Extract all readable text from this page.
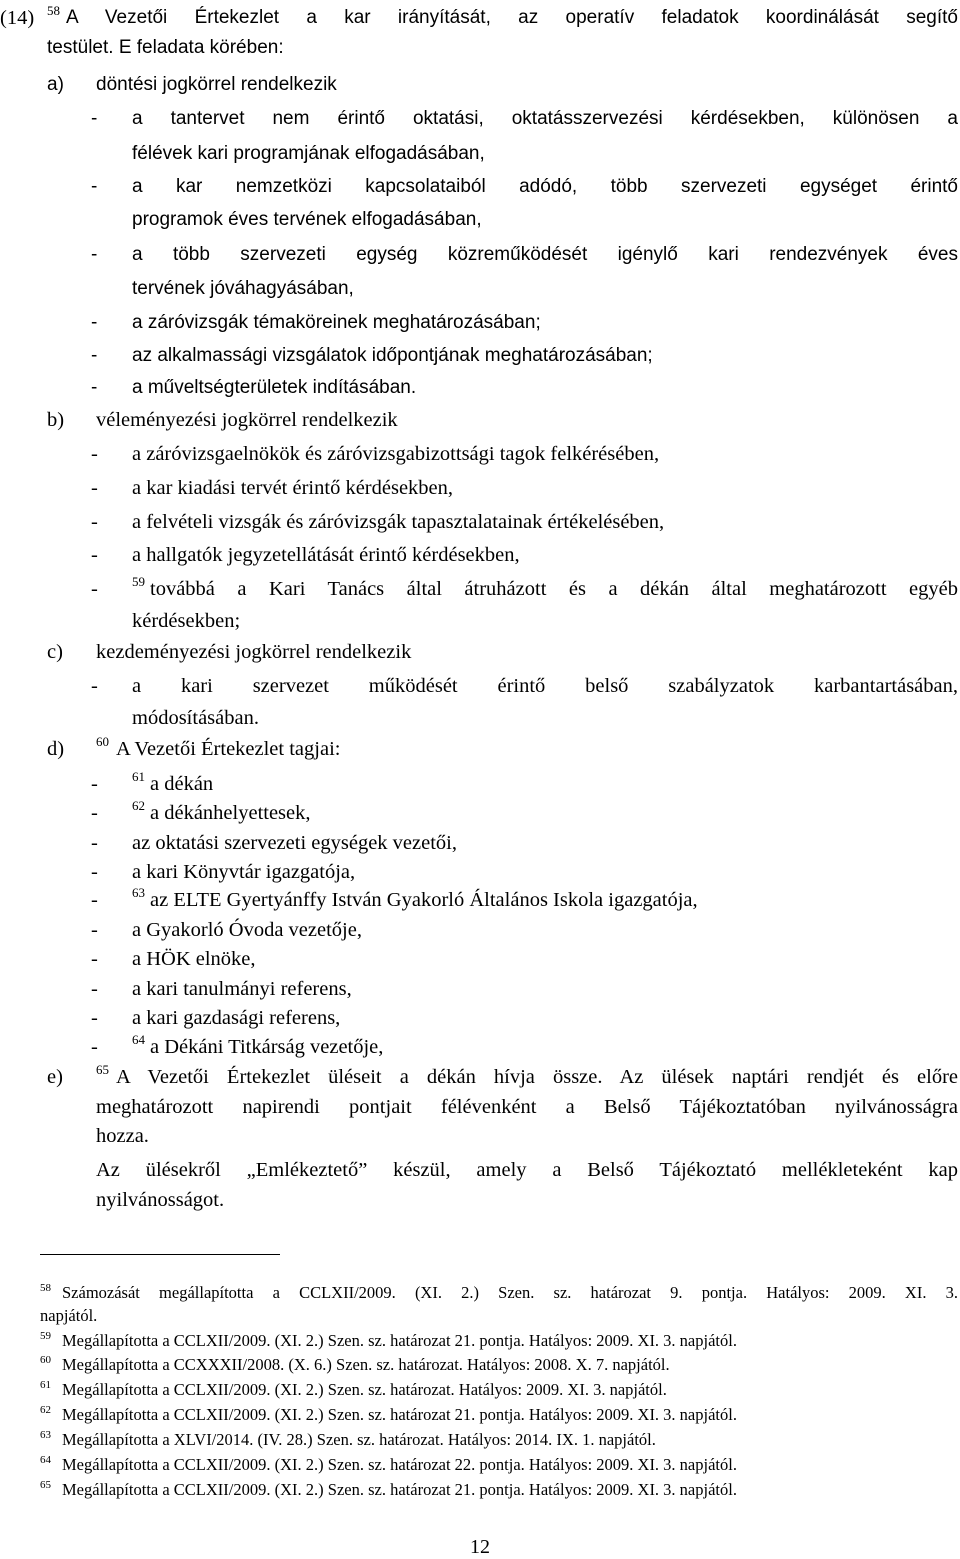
(14) $^{58}$ A Vezetői Értekezlet a kar irányítását, az operatív feladatok koordinálását segítő
testület. E feladata körében:
a) döntési jogkörrel rendelkezik
- a tantervet nem érintő oktatási, oktatásszervezési kérdésekben, különösen a
félévek kari programjának elfogadásában,
- a kar nemzetközi kapcsolataiból adódó, több szervezeti egységet érintő
programok éves tervének elfogadásában,
- a több szervezeti egység közreműködését igénylő kari rendezvények éves
tervének jóváhagyásában,
- a záróvizsgák témaköreinek meghatározásában;
- az alkalmassági vizsgálatok időpontjának meghatározásában;
- a műveltségterületek indításában.
b) véleményezési jogkörrel rendelkezik
- a záróvizsgaelnökök és záróvizsgabizottsági tagok felkérésében,
- a kar kiadási tervét érintő kérdésekben,
- a felvételi vizsgák és záróvizsgák tapasztalatainak értékelésében,
- a hallgatók jegyzetellátását érintő kérdésekben,
-	$^{59}$ továbbá a Kari Tanács által átruházott és a dékán által meghatározott egyéb
kérdésekben;
c) kezdeményezési jogkörrel rendelkezik
- a kari szervezet működését érintő belső szabályzatok karbantartásában,
módosításában.
d) $^{60}$ A Vezetői Értekezlet tagjai:
-	$^{61}$ a dékán
-	$^{62}$ a dékánhelyettesek,
- az oktatási szervezeti egységek vezetői,
- a kari Könyvtár igazgatója,
-	$^{63}$ az ELTE Gyertyánffy István Gyakorló Általános Iskola igazgatója,
- a Gyakorló Óvoda vezetője,
- a HÖK elnöke,
- a kari tanulmányi referens,
- a kari gazdasági referens,
-	$^{64}$ a Dékáni Titkárság vezetője,
e)	$^{65}$ A Vezetői Értekezlet üléseit a dékán hívja össze. Az ülések naptári rendjét és előre
meghatározott napirendi pontjait félévenként a Belső Tájékoztatóban nyilvánosságra
hozza.
Az ülésekről „Emlékeztető” készül, amely a Belső Tájékoztató mellékleteként kap
nyilvánosságot.
$^{58}$ Számozását megállapította a CCLXII/2009. (XI. 2.) Szen. sz. határozat 9. pontja. Hatályos: 2009. XI. 3.
napjától.
$^{59}$ Megállapította a CCLXII/2009. (XI. 2.) Szen. sz. határozat 21. pontja. Hatályos: 2009. XI. 3. napjától.
$^{60}$ Megállapította a CCXXXII/2008. (X. 6.) Szen. sz. határozat. Hatályos: 2008. X. 7. napjától.
$^{61}$ Megállapította a CCLXII/2009. (XI. 2.) Szen. sz. határozat. Hatályos: 2009. XI. 3. napjától.
$^{62}$ Megállapította a CCLXII/2009. (XI. 2.) Szen. sz. határozat 21. pontja. Hatályos: 2009. XI. 3. napjától.
$^{63}$ Megállapította a XLVI/2014. (IV. 28.) Szen. sz. határozat. Hatályos: 2014. IX. 1. napjától.
$^{64}$ Megállapította a CCLXII/2009. (XI. 2.) Szen. sz. határozat 22. pontja. Hatályos: 2009. XI. 3. napjától.
$^{65}$ Megállapította a CCLXII/2009. (XI. 2.) Szen. sz. határozat 21. pontja. Hatályos: 2009. XI. 3. napjától.
12
